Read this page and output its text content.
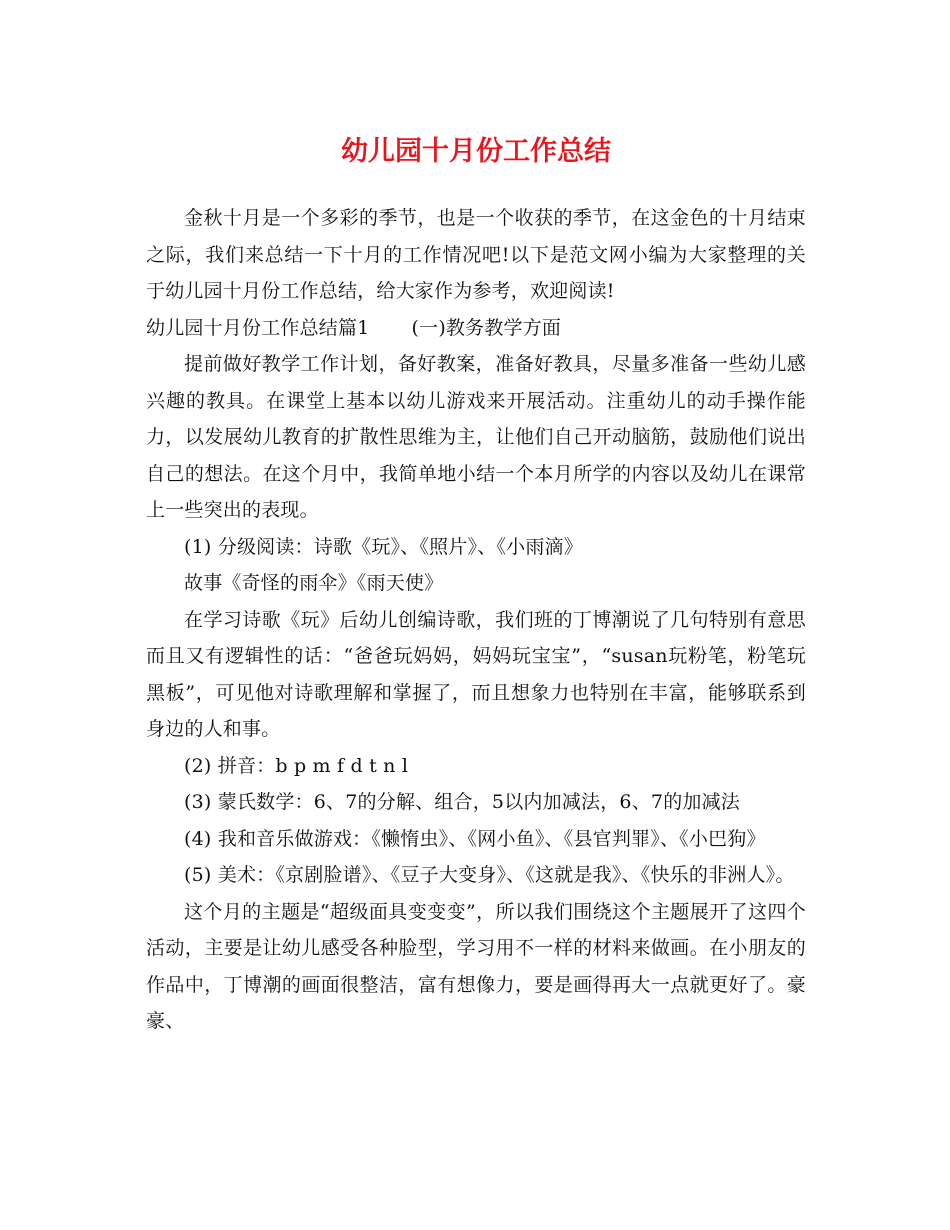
幼儿园十月份工作总结

金秋十月是一个多彩的季节，也是一个收获的季节，在这金色的十月结束之际，我们来总结一下十月的工作情况吧!以下是范文网小编为大家整理的关于幼儿园十月份工作总结，给大家作为参考，欢迎阅读!

幼儿园十月份工作总结篇1 (一)教务教学方面

提前做好教学工作计划，备好教案，准备好教具，尽量多准备一些幼儿感兴趣的教具。在课堂上基本以幼儿游戏来开展活动。注重幼儿的动手操作能力，以发展幼儿教育的扩散性思维为主，让他们自己开动脑筋，鼓励他们说出自己的想法。在这个月中，我简单地小结一个本月所学的内容以及幼儿在课常上一些突出的表现。

(1) 分级阅读：诗歌《玩》、《照片》、《小雨滴》

故事《奇怪的雨伞》《雨天使》

在学习诗歌《玩》后幼儿创编诗歌，我们班的丁博潮说了几句特别有意思而且又有逻辑性的话：“爸爸玩妈妈，妈妈玩宝宝”，“susan玩粉笔，粉笔玩黑板”，可见他对诗歌理解和掌握了，而且想象力也特别在丰富，能够联系到身边的人和事。

(2) 拼音：b p m f d t n l

(3) 蒙氏数学：6、7的分解、组合，5以内加减法，6、7的加减法

(4) 我和音乐做游戏：《懒惰虫》、《网小鱼》、《县官判罪》、《小巴狗》

(5) 美术：《京剧脸谱》、《豆子大变身》、《这就是我》、《快乐的非洲人》。

这个月的主题是“超级面具变变变”，所以我们围绕这个主题展开了这四个活动，主要是让幼儿感受各种脸型，学习用不一样的材料来做画。在小朋友的作品中，丁博潮的画面很整洁，富有想像力，要是画得再大一点就更好了。豪豪、
